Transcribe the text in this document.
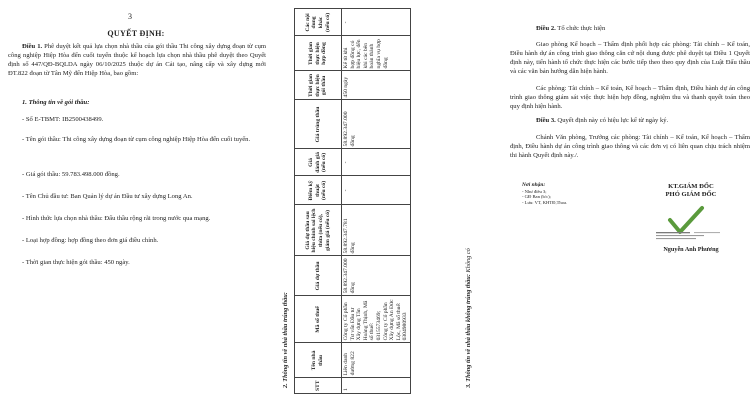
3
QUYẾT ĐỊNH:
Điều 1. Phê duyệt kết quả lựa chọn nhà thầu của gói thầu Thi công xây dựng đoạn từ cụm công nghiệp Hiệp Hòa đến cuối tuyến thuộc kế hoạch lựa chọn nhà thầu phê duyệt theo Quyết định số 447/QĐ-BQLDA ngày 06/10/2025 thuộc dự án Cải tạo, nâng cấp và xây dựng mới ĐT.822 đoạn từ Tân Mỹ đến Hiệp Hòa, bao gồm:
1. Thông tin về gói thầu:
- Số E-TBMT: IB2500438499.
- Tên gói thầu: Thi công xây dựng đoạn từ cụm công nghiệp Hiệp Hòa đến cuối tuyến.
- Giá gói thầu: 59.783.498.000 đồng.
- Tên Chủ đầu tư: Ban Quản lý dự án Đầu tư xây dựng Long An.
- Hình thức lựa chọn nhà thầu: Đấu thầu rộng rãi trong nước qua mạng.
- Loại hợp đồng: hợp đồng theo đơn giá điều chỉnh.
- Thời gian thực hiện gói thầu: 450 ngày.
2. Thông tin về nhà thầu trúng thầu:	STT	Tên nhà thầu	Mã số thuế	Giá dự thầu	Giá dự thầu sau hiệu chỉnh sai lệch thừa (nếu có), giảm giá (nếu có)	Điểm kỹ thuật (nếu có)	Giá đánh giá (nếu có)	Giá trúng thầu	Thời gian thực hiện gói thầu	Thời gian thực hiện hợp đồng	Các nội dung khác (nếu có)
1	Liên danh đường 822	Công ty Cổ phần Tư vấn Đầu tư Xây dựng Tân Hoàng Thịnh, Mã số thuế: 0315573469; Công ty Cổ phần Xây dựng An Đức Lộc, Mã số thuế: 0304980933	58.892.347.000 đồng	58.892.347.781 đồng	-	-	58.892.347.000 đồng	450 ngày	Kể từ khi hợp đồng có hiệu lực, đến khi các bên hoàn thành nghĩa vụ hợp đồng	-
3. Thông tin về nhà thầu không trúng thầu: Không có
Điều 2. Tổ chức thực hiện
Giao phòng Kế hoạch – Thẩm định phối hợp các phòng: Tài chính – Kế toán, Điều hành dự án công trình giao thông căn cứ nội dung được phê duyệt tại Điều 1 Quyết định này, tiến hành tổ chức thực hiện các bước tiếp theo theo quy định của Luật Đấu thầu và các văn bản hướng dẫn hiện hành.
Các phòng: Tài chính – Kế toán, Kế hoạch – Thẩm định, Điều hành dự án công trình giao thông giám sát việc thực hiện hợp đồng, nghiệm thu và thanh quyết toán theo quy định hiện hành.
Điều 3. Quyết định này có hiệu lực kể từ ngày ký.
Chánh Văn phòng, Trưởng các phòng: Tài chính – Kế toán, Kế hoạch – Thẩm định, Điều hành dự án công trình giao thông và các đơn vị có liên quan chịu trách nhiệm thi hành Quyết định này./.
Nơi nhận:
- Như điều 3;
- GĐ Ban (b/c);
- Lưu: VT, KHTĐ,Thoa.
KT.GIÁM ĐỐC
PHÓ GIÁM ĐỐC
Nguyễn Anh Phương
